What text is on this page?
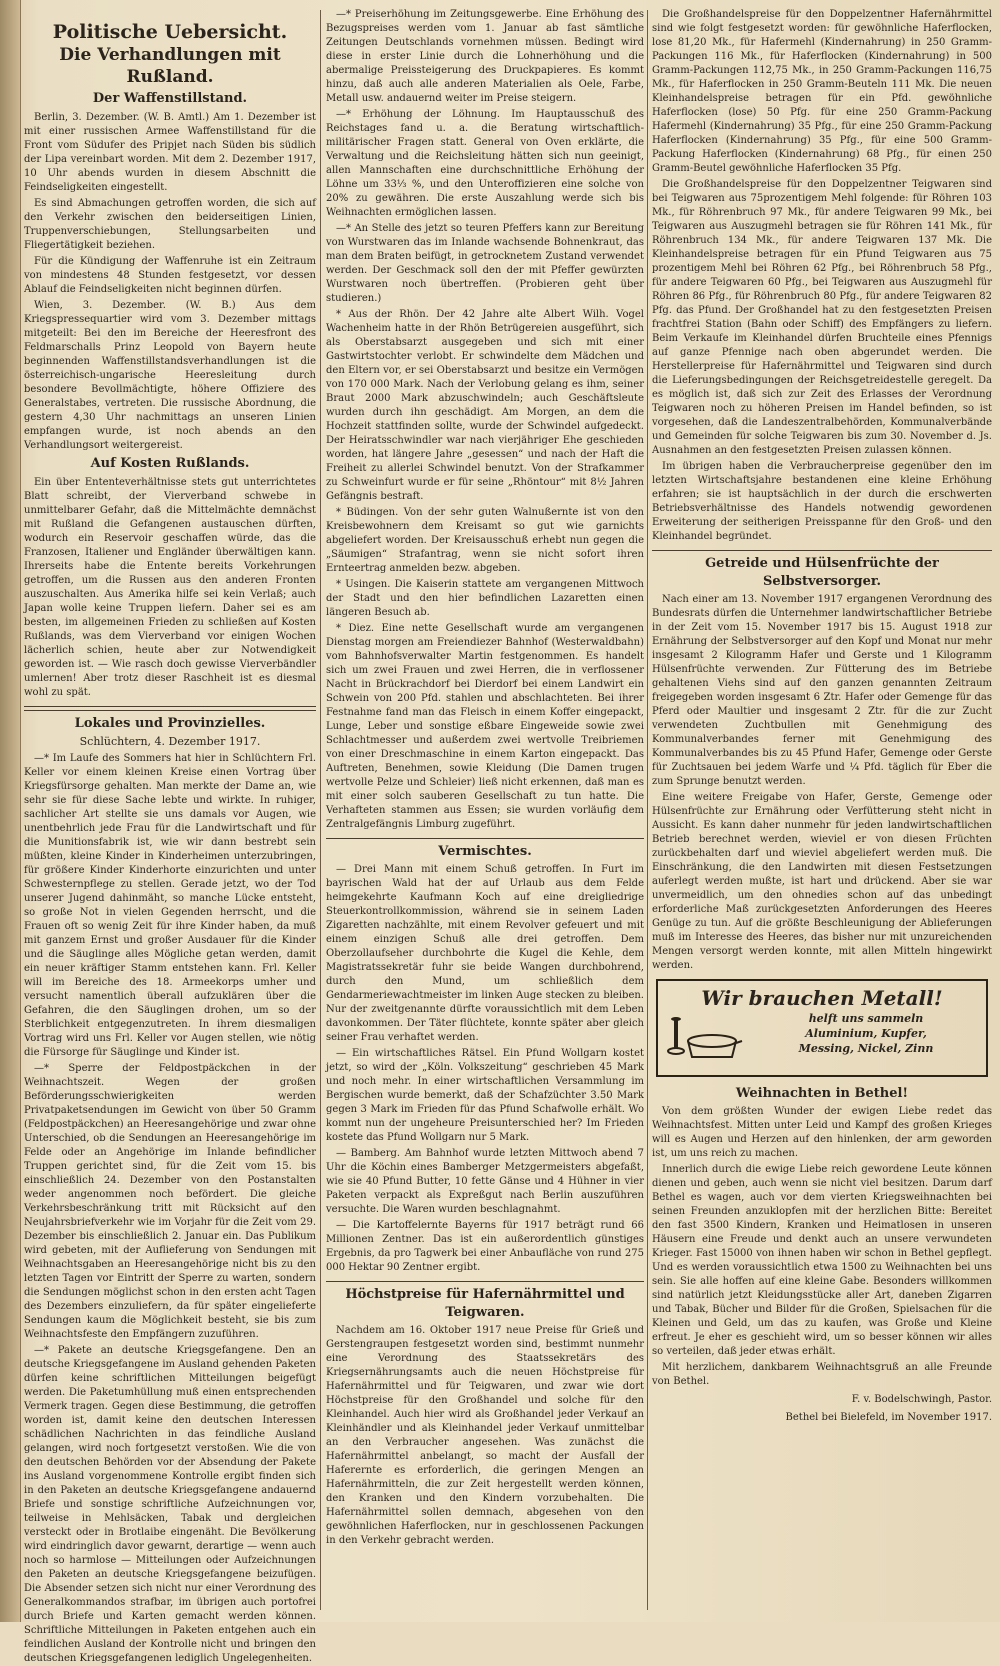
Politische Uebersicht.
Die Verhandlungen mit Rußland.
Der Waffenstillstand.

Berlin, 3. Dezember. (W. B. Amtl.) Am 1. Dezember ist mit einer russischen Armee Waffenstillstand für die Front vom Südufer des Pripjet nach Süden bis südlich der Lipa vereinbart worden. Mit dem 2. Dezember 1917, 10 Uhr abends wurden in diesem Abschnitt die Feindseligkeiten eingestellt.

Es sind Abmachungen getroffen worden, die sich auf den Verkehr zwischen den beiderseitigen Linien, Truppenverschiebungen, Stellungsarbeiten und Fliegertätigkeit beziehen.

Für die Kündigung der Waffenruhe ist ein Zeitraum von mindestens 48 Stunden festgesetzt, vor dessen Ablauf die Feindseligkeiten nicht beginnen dürfen.

Wien, 3. Dezember. (W. B.) Aus dem Kriegspressequartier wird vom 3. Dezember mittags mitgeteilt: Bei den im Bereiche der Heeresfront des Feldmarschalls Prinz Leopold von Bayern heute beginnenden Waffenstillstandsverhandlungen ist die österreichisch-ungarische Heeresleitung durch besondere Bevollmächtigte, höhere Offiziere des Generalstabes, vertreten. Die russische Abordnung, die gestern 4,30 Uhr nachmittags an unseren Linien empfangen wurde, ist noch abends an den Verhandlungsort weitergereist.

Auf Kosten Rußlands.

Ein über Ententeverhältnisse stets gut unterrichtetes Blatt schreibt, der Vierverband schwebe in unmittelbarer Gefahr, daß die Mittelmächte demnächst mit Rußland die Gefangenen austauschen dürften, wodurch ein Reservoir geschaffen würde, das die Franzosen, Italiener und Engländer überwältigen kann. Ihrerseits habe die Entente bereits Vorkehrungen getroffen, um die Russen aus den anderen Fronten auszuschalten. Aus Amerika hilfe sei kein Verlaß; auch Japan wolle keine Truppen liefern. Daher sei es am besten, im allgemeinen Frieden zu schließen auf Kosten Rußlands, was dem Vierverband vor einigen Wochen lächerlich schien, heute aber zur Notwendigkeit geworden ist. — Wie rasch doch gewisse Vierverbändler umlernen! Aber trotz dieser Raschheit ist es diesmal wohl zu spät.

Lokales und Provinzielles.
Schlüchtern, 4. Dezember 1917.

—* Im Laufe des Sommers hat hier in Schlüchtern Frl. Keller vor einem kleinen Kreise einen Vortrag über Kriegsfürsorge gehalten. Man merkte der Dame an, wie sehr sie für diese Sache lebte und wirkte. In ruhiger, sachlicher Art stellte sie uns damals vor Augen, wie unentbehrlich jede Frau für die Landwirtschaft und für die Munitionsfabrik ist, wie wir dann bestrebt sein müßten, kleine Kinder in Kinderheimen unterzubringen, für größere Kinder Kinderhorte einzurichten und unter Schwesternpflege zu stellen. Gerade jetzt, wo der Tod unserer Jugend dahinmäht, so manche Lücke entsteht, so große Not in vielen Gegenden herrscht, und die Frauen oft so wenig Zeit für ihre Kinder haben, da muß mit ganzem Ernst und großer Ausdauer für die Kinder und die Säuglinge alles Mögliche getan werden, damit ein neuer kräftiger Stamm entstehen kann. Frl. Keller will im Bereiche des 18. Armeekorps umher und versucht namentlich überall aufzuklären über die Gefahren, die den Säuglingen drohen, um so der Sterblichkeit entgegenzutreten. In ihrem diesmaligen Vortrag wird uns Frl. Keller vor Augen stellen, wie nötig die Fürsorge für Säuglinge und Kinder ist.

—* Sperre der Feldpostpäckchen in der Weihnachtszeit. Wegen der großen Beförderungsschwierigkeiten werden Privatpaketsendungen im Gewicht von über 50 Gramm (Feldpostpäckchen) an Heeresangehörige und zwar ohne Unterschied, ob die Sendungen an Heeresangehörige im Felde oder an Angehörige im Inlande befindlicher Truppen gerichtet sind, für die Zeit vom 15. bis einschließlich 24. Dezember von den Postanstalten weder angenommen noch befördert. Die gleiche Verkehrsbeschränkung tritt mit Rücksicht auf den Neujahrsbriefverkehr wie im Vorjahr für die Zeit vom 29. Dezember bis einschließlich 2. Januar ein. Das Publikum wird gebeten, mit der Auflieferung von Sendungen mit Weihnachtsgaben an Heeresangehörige nicht bis zu den letzten Tagen vor Eintritt der Sperre zu warten, sondern die Sendungen möglichst schon in den ersten acht Tagen des Dezembers einzuliefern, da für später eingelieferte Sendungen kaum die Möglichkeit besteht, sie bis zum Weihnachtsfeste den Empfängern zuzuführen.

—* Pakete an deutsche Kriegsgefangene. Den an deutsche Kriegsgefangene im Ausland gehenden Paketen dürfen keine schriftlichen Mitteilungen beigefügt werden. Die Paketumhüllung muß einen entsprechenden Vermerk tragen. Gegen diese Bestimmung, die getroffen worden ist, damit keine den deutschen Interessen schädlichen Nachrichten in das feindliche Ausland gelangen, wird noch fortgesetzt verstoßen. Wie die von den deutschen Behörden vor der Absendung der Pakete ins Ausland vorgenommene Kontrolle ergibt finden sich in den Paketen an deutsche Kriegsgefangene andauernd Briefe und sonstige schriftliche Aufzeichnungen vor, teilweise in Mehlsäcken, Tabak und dergleichen versteckt oder in Brotlaibe eingenäht. Die Bevölkerung wird eindringlich davor gewarnt, derartige — wenn auch noch so harmlose — Mitteilungen oder Aufzeichnungen den Paketen an deutsche Kriegsgefangene beizufügen. Die Absender setzen sich nicht nur einer Verordnung des Generalkommandos strafbar, im übrigen auch portofrei durch Briefe und Karten gemacht werden können. Schriftliche Mitteilungen in Paketen entgehen auch ein feindlichen Ausland der Kontrolle nicht und bringen den deutschen Kriegsgefangenen lediglich Ungelegenheiten.

—* Preiserhöhung im Zeitungsgewerbe. Eine Erhöhung des Bezugspreises werden vom 1. Januar ab fast sämtliche Zeitungen Deutschlands vornehmen müssen. Bedingt wird diese in erster Linie durch die Lohnerhöhung und die abermalige Preissteigerung des Druckpapieres. Es kommt hinzu, daß auch alle anderen Materialien als Oele, Farbe, Metall usw. andauernd weiter im Preise steigern.

—* Erhöhung der Löhnung. Im Hauptausschuß des Reichstages fand u. a. die Beratung wirtschaftlich-militärischer Fragen statt. General von Oven erklärte, die Verwaltung und die Reichsleitung hätten sich nun geeinigt, allen Mannschaften eine durchschnittliche Erhöhung der Löhne um 33⅓ %, und den Unteroffizieren eine solche von 20% zu gewähren. Die erste Auszahlung werde sich bis Weihnachten ermöglichen lassen.

—* An Stelle des jetzt so teuren Pfeffers kann zur Bereitung von Wurstwaren das im Inlande wachsende Bohnenkraut, das man dem Braten beifügt, in getrocknetem Zustand verwendet werden. Der Geschmack soll den der mit Pfeffer gewürzten Wurstwaren noch übertreffen. (Probieren geht über studieren.)

* Aus der Rhön. Der 42 Jahre alte Albert Wilh. Vogel Wachenheim hatte in der Rhön Betrügereien ausgeführt, sich als Oberstabsarzt ausgegeben und sich mit einer Gastwirtstochter verlobt. Er schwindelte dem Mädchen und den Eltern vor, er sei Oberstabsarzt und besitze ein Vermögen von 170 000 Mark. Nach der Verlobung gelang es ihm, seiner Braut 2000 Mark abzuschwindeln; auch Geschäftsleute wurden durch ihn geschädigt. Am Morgen, an dem die Hochzeit stattfinden sollte, wurde der Schwindel aufgedeckt. Der Heiratsschwindler war nach vierjähriger Ehe geschieden worden, hat längere Jahre „gesessen“ und nach der Haft die Freiheit zu allerlei Schwindel benutzt. Von der Strafkammer zu Schweinfurt wurde er für seine „Rhöntour“ mit 8½ Jahren Gefängnis bestraft.

* Büdingen. Von der sehr guten Walnußernte ist von den Kreisbewohnern dem Kreisamt so gut wie garnichts abgeliefert worden. Der Kreisausschuß erhebt nun gegen die „Säumigen“ Strafantrag, wenn sie nicht sofort ihren Ernteertrag anmelden bezw. abgeben.

* Usingen. Die Kaiserin stattete am vergangenen Mittwoch der Stadt und den hier befindlichen Lazaretten einen längeren Besuch ab.

* Diez. Eine nette Gesellschaft wurde am vergangenen Dienstag morgen am Freiendiezer Bahnhof (Westerwaldbahn) vom Bahnhofsverwalter Martin festgenommen. Es handelt sich um zwei Frauen und zwei Herren, die in verflossener Nacht in Brückrachdorf bei Dierdorf bei einem Landwirt ein Schwein von 200 Pfd. stahlen und abschlachteten. Bei ihrer Festnahme fand man das Fleisch in einem Koffer eingepackt, Lunge, Leber und sonstige eßbare Eingeweide sowie zwei Schlachtmesser und außerdem zwei wertvolle Treibriemen von einer Dreschmaschine in einem Karton eingepackt. Das Auftreten, Benehmen, sowie Kleidung (Die Damen trugen wertvolle Pelze und Schleier) ließ nicht erkennen, daß man es mit einer solch sauberen Gesellschaft zu tun hatte. Die Verhafteten stammen aus Essen; sie wurden vorläufig dem Zentralgefängnis Limburg zugeführt.

Vermischtes.

— Drei Mann mit einem Schuß getroffen. In Furt im bayrischen Wald hat der auf Urlaub aus dem Felde heimgekehrte Kaufmann Koch auf eine dreigliedrige Steuerkontrollkommission, während sie in seinem Laden Zigaretten nachzählte, mit einem Revolver gefeuert und mit einem einzigen Schuß alle drei getroffen. Dem Oberzollaufseher durchbohrte die Kugel die Kehle, dem Magistratssekretär fuhr sie beide Wangen durchbohrend, durch den Mund, um schließlich dem Gendarmeriewachtmeister im linken Auge stecken zu bleiben. Nur der zweitgenannte dürfte voraussichtlich mit dem Leben davonkommen. Der Täter flüchtete, konnte später aber gleich seiner Frau verhaftet werden.

— Ein wirtschaftliches Rätsel. Ein Pfund Wollgarn kostet jetzt, so wird der „Köln. Volkszeitung“ geschrieben 45 Mark und noch mehr. In einer wirtschaftlichen Versammlung im Bergischen wurde bemerkt, daß der Schafzüchter 3.50 Mark gegen 3 Mark im Frieden für das Pfund Schafwolle erhält. Wo kommt nun der ungeheure Preisunterschied her? Im Frieden kostete das Pfund Wollgarn nur 5 Mark.

— Bamberg. Am Bahnhof wurde letzten Mittwoch abend 7 Uhr die Köchin eines Bamberger Metzgermeisters abgefaßt, wie sie 40 Pfund Butter, 10 fette Gänse und 4 Hühner in vier Paketen verpackt als Expreßgut nach Berlin auszuführen versuchte. Die Waren wurden beschlagnahmt.

— Die Kartoffelernte Bayerns für 1917 beträgt rund 66 Millionen Zentner. Das ist ein außerordentlich günstiges Ergebnis, da pro Tagwerk bei einer Anbaufläche von rund 275 000 Hektar 90 Zentner ergibt.

Höchstpreise für Hafernährmittel und Teigwaren.

Nachdem am 16. Oktober 1917 neue Preise für Grieß und Gerstengraupen festgesetzt worden sind, bestimmt nunmehr eine Verordnung des Staatssekretärs des Kriegsernährungsamts auch die neuen Höchstpreise für Hafernährmittel und für Teigwaren, und zwar wie dort Höchstpreise für den Großhandel und solche für den Kleinhandel. Auch hier wird als Großhandel jeder Verkauf an Kleinhändler und als Kleinhandel jeder Verkauf unmittelbar an den Verbraucher angesehen. Was zunächst die Hafernährmittel anbelangt, so macht der Ausfall der Haferernte es erforderlich, die geringen Mengen an Hafernährmitteln, die zur Zeit hergestellt werden können, den Kranken und den Kindern vorzubehalten. Die Hafernährmittel sollen demnach, abgesehen von den gewöhnlichen Haferflocken, nur in geschlossenen Packungen in den Verkehr gebracht werden.

Die Großhandelspreise für den Doppelzentner Hafernährmittel sind wie folgt festgesetzt worden: für gewöhnliche Haferflocken, lose 81,20 Mk., für Hafermehl (Kindernahrung) in 250 Gramm-Packungen 116 Mk., für Haferflocken (Kindernahrung) in 500 Gramm-Packungen 112,75 Mk., in 250 Gramm-Packungen 116,75 Mk., für Haferflocken in 250 Gramm-Beuteln 111 Mk. Die neuen Kleinhandelspreise betragen für ein Pfd. gewöhnliche Haferflocken (lose) 50 Pfg. für eine 250 Gramm-Packung Hafermehl (Kindernahrung) 35 Pfg., für eine 250 Gramm-Packung Haferflocken (Kindernahrung) 35 Pfg., für eine 500 Gramm-Packung Haferflocken (Kindernahrung) 68 Pfg., für einen 250 Gramm-Beutel gewöhnliche Haferflocken 35 Pfg.

Die Großhandelspreise für den Doppelzentner Teigwaren sind bei Teigwaren aus 75prozentigem Mehl folgende: für Röhren 103 Mk., für Röhrenbruch 97 Mk., für andere Teigwaren 99 Mk., bei Teigwaren aus Auszugmehl betragen sie für Röhren 141 Mk., für Röhrenbruch 134 Mk., für andere Teigwaren 137 Mk. Die Kleinhandelspreise betragen für ein Pfund Teigwaren aus 75 prozentigem Mehl bei Röhren 62 Pfg., bei Röhrenbruch 58 Pfg., für andere Teigwaren 60 Pfg., bei Teigwaren aus Auszugmehl für Röhren 86 Pfg., für Röhrenbruch 80 Pfg., für andere Teigwaren 82 Pfg. das Pfund. Der Großhandel hat zu den festgesetzten Preisen frachtfrei Station (Bahn oder Schiff) des Empfängers zu liefern. Beim Verkaufe im Kleinhandel dürfen Bruchteile eines Pfennigs auf ganze Pfennige nach oben abgerundet werden. Die Herstellerpreise für Hafernährmittel und Teigwaren sind durch die Lieferungsbedingungen der Reichsgetreidestelle geregelt. Da es möglich ist, daß sich zur Zeit des Erlasses der Verordnung Teigwaren noch zu höheren Preisen im Handel befinden, so ist vorgesehen, daß die Landeszentralbehörden, Kommunalverbände und Gemeinden für solche Teigwaren bis zum 30. November d. Js. Ausnahmen an den festgesetzten Preisen zulassen können.

Im übrigen haben die Verbraucherpreise gegenüber den im letzten Wirtschaftsjahre bestandenen eine kleine Erhöhung erfahren; sie ist hauptsächlich in der durch die erschwerten Betriebsverhältnisse des Handels notwendig gewordenen Erweiterung der seitherigen Preisspanne für den Groß- und den Kleinhandel begründet.

Getreide und Hülsenfrüchte der Selbstversorger.

Nach einer am 13. November 1917 ergangenen Verordnung des Bundesrats dürfen die Unternehmer landwirtschaftlicher Betriebe in der Zeit vom 15. November 1917 bis 15. August 1918 zur Ernährung der Selbstversorger auf den Kopf und Monat nur mehr insgesamt 2 Kilogramm Hafer und Gerste und 1 Kilogramm Hülsenfrüchte verwenden. Zur Fütterung des im Betriebe gehaltenen Viehs sind auf den ganzen genannten Zeitraum freigegeben worden insgesamt 6 Ztr. Hafer oder Gemenge für das Pferd oder Maultier und insgesamt 2 Ztr. für die zur Zucht verwendeten Zuchtbullen mit Genehmigung des Kommunalverbandes ferner mit Genehmigung des Kommunalverbandes bis zu 45 Pfund Hafer, Gemenge oder Gerste für Zuchtsauen bei jedem Warfe und ¼ Pfd. täglich für Eber die zum Sprunge benutzt werden.

Eine weitere Freigabe von Hafer, Gerste, Gemenge oder Hülsenfrüchte zur Ernährung oder Verfütterung steht nicht in Aussicht. Es kann daher nunmehr für jeden landwirtschaftlichen Betrieb berechnet werden, wieviel er von diesen Früchten zurückbehalten darf und wieviel abgeliefert werden muß. Die Einschränkung, die den Landwirten mit diesen Festsetzungen auferlegt werden mußte, ist hart und drückend. Aber sie war unvermeidlich, um den ohnedies schon auf das unbedingt erforderliche Maß zurückgesetzten Anforderungen des Heeres Genüge zu tun. Auf die größte Beschleunigung der Ablieferungen muß im Interesse des Heeres, das bisher nur mit unzureichenden Mengen versorgt werden konnte, mit allen Mitteln hingewirkt werden.

Wir brauchen Metall!
helft uns sammeln
Aluminium, Kupfer,
Messing, Nickel, Zinn
Weihnachten in Bethel!

Von dem größten Wunder der ewigen Liebe redet das Weihnachtsfest. Mitten unter Leid und Kampf des großen Krieges will es Augen und Herzen auf den hinlenken, der arm geworden ist, um uns reich zu machen.

Innerlich durch die ewige Liebe reich gewordene Leute können dienen und geben, auch wenn sie nicht viel besitzen. Darum darf Bethel es wagen, auch vor dem vierten Kriegsweihnachten bei seinen Freunden anzuklopfen mit der herzlichen Bitte: Bereitet den fast 3500 Kindern, Kranken und Heimatlosen in unseren Häusern eine Freude und denkt auch an unsere verwundeten Krieger. Fast 15000 von ihnen haben wir schon in Bethel gepflegt. Und es werden voraussichtlich etwa 1500 zu Weihnachten bei uns sein. Sie alle hoffen auf eine kleine Gabe. Besonders willkommen sind natürlich jetzt Kleidungsstücke aller Art, daneben Zigarren und Tabak, Bücher und Bilder für die Großen, Spielsachen für die Kleinen und Geld, um das zu kaufen, was Große und Kleine erfreut. Je eher es geschieht wird, um so besser können wir alles so verteilen, daß jeder etwas erhält.

Mit herzlichem, dankbarem Weihnachtsgruß an alle Freunde von Bethel.

F. v. Bodelschwingh, Pastor.
Bethel bei Bielefeld, im November 1917.
